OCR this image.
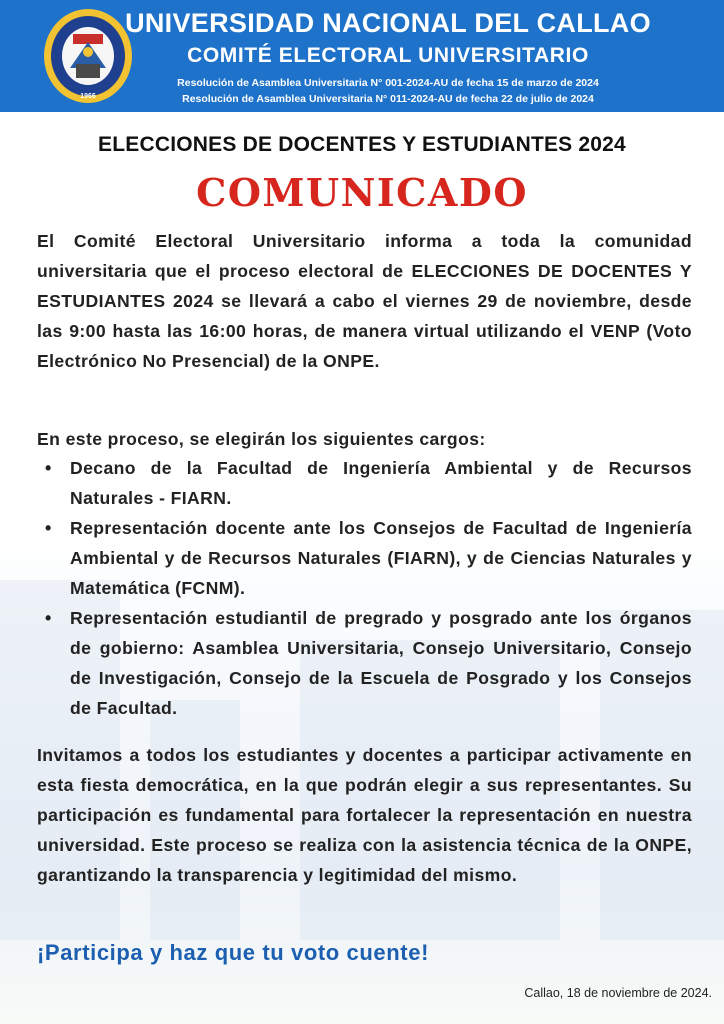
1966
UNIVERSIDAD NACIONAL DEL CALLAO
COMITÉ ELECTORAL UNIVERSITARIO
Resolución de Asamblea Universitaria N° 001-2024-AU de fecha 15 de marzo de 2024
Resolución de Asamblea Universitaria N° 011-2024-AU de fecha 22 de julio de 2024
ELECCIONES DE DOCENTES Y ESTUDIANTES 2024
COMUNICADO

El Comité Electoral Universitario informa a toda la comunidad universitaria que el proceso electoral de ELECCIONES DE DOCENTES Y ESTUDIANTES 2024 se llevará a cabo el viernes 29 de noviembre, desde las 9:00 hasta las 16:00 horas, de manera virtual utilizando el VENP (Voto Electrónico No Presencial) de la ONPE.

En este proceso, se elegirán los siguientes cargos:

• Decano de la Facultad de Ingeniería Ambiental y de Recursos Naturales - FIARN.
• Representación docente ante los Consejos de Facultad de Ingeniería Ambiental y de Recursos Naturales (FIARN), y de Ciencias Naturales y Matemática (FCNM).
• Representación estudiantil de pregrado y posgrado ante los órganos de gobierno: Asamblea Universitaria, Consejo Universitario, Consejo de Investigación, Consejo de la Escuela de Posgrado y los Consejos de Facultad.

Invitamos a todos los estudiantes y docentes a participar activamente en esta fiesta democrática, en la que podrán elegir a sus representantes. Su participación es fundamental para fortalecer la representación en nuestra universidad. Este proceso se realiza con la asistencia técnica de la ONPE, garantizando la transparencia y legitimidad del mismo.

¡Participa y haz que tu voto cuente!
Callao, 18 de noviembre de 2024.
